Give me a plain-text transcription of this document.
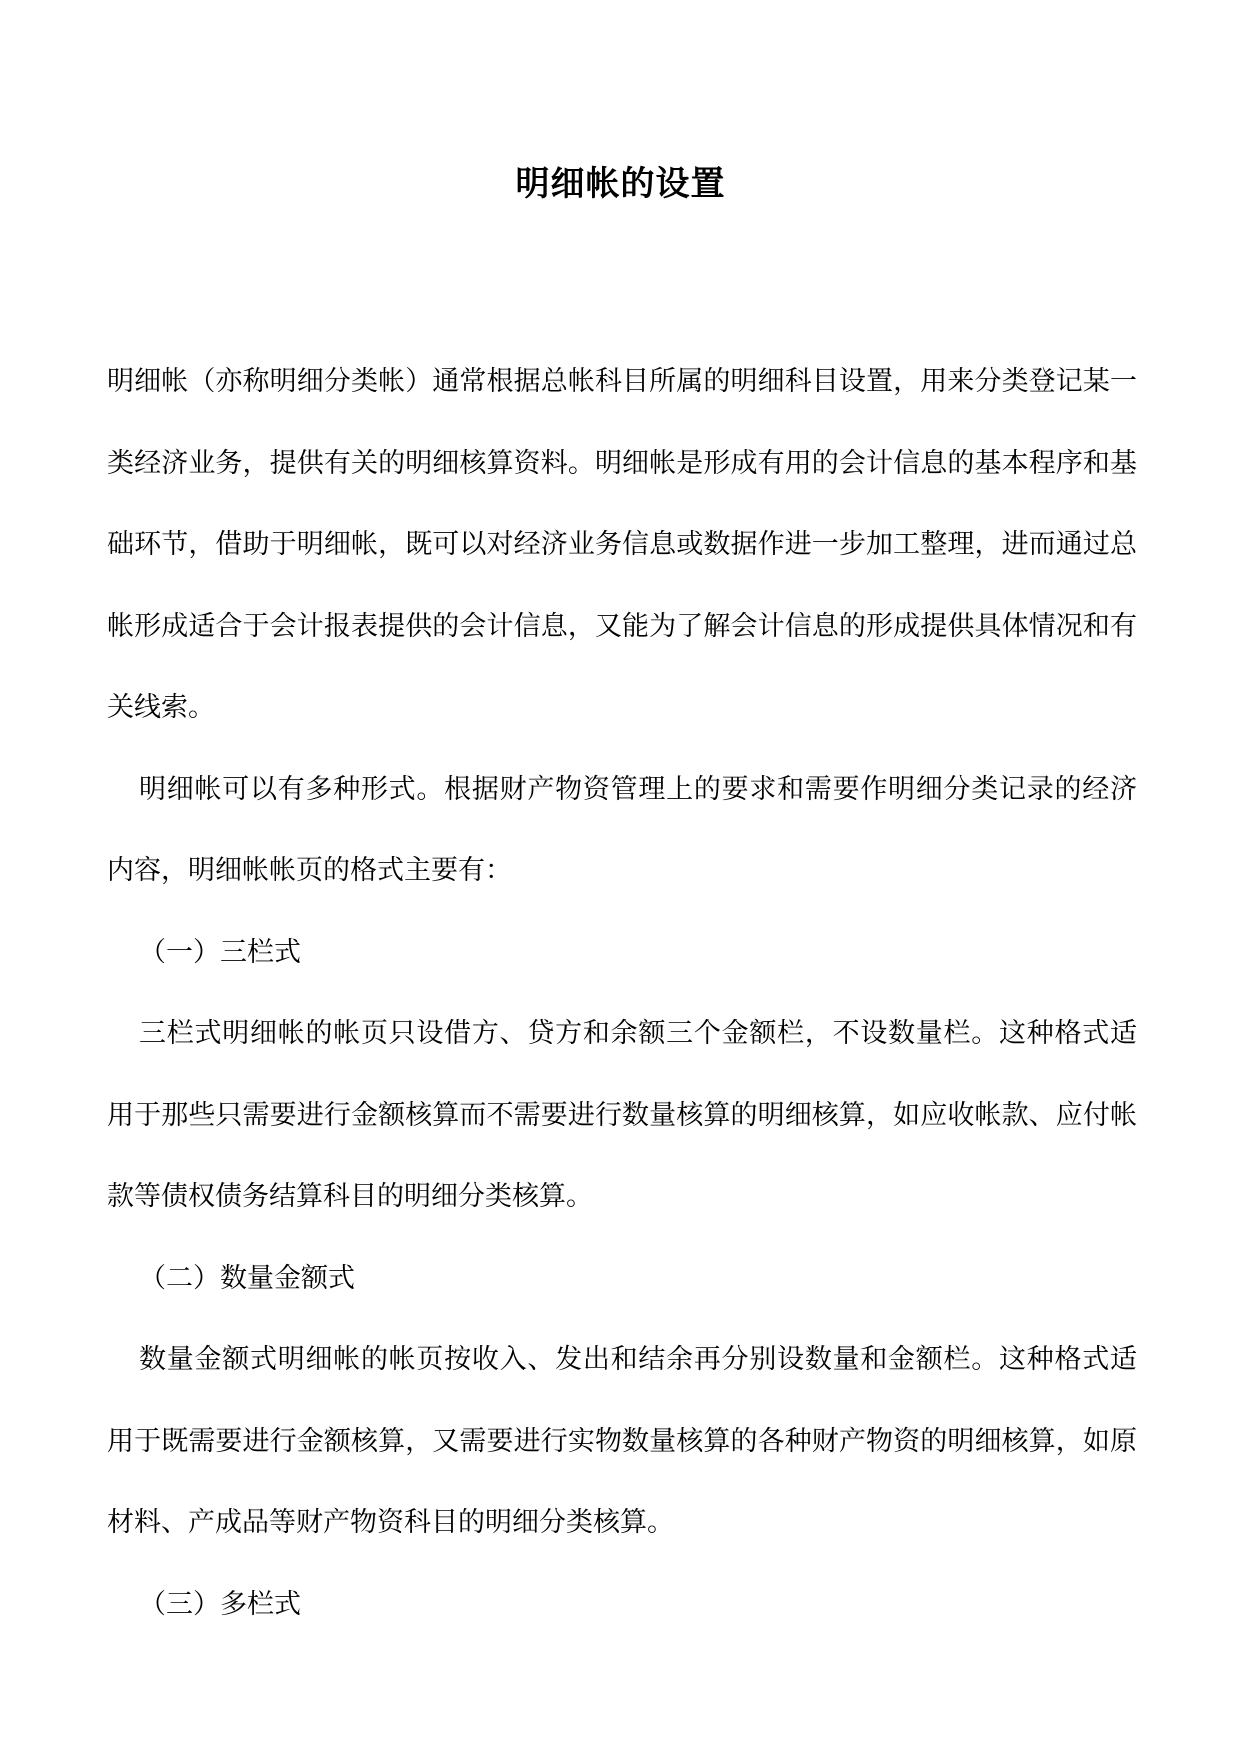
明细帐的设置

明细帐（亦称明细分类帐）通常根据总帐科目所属的明细科目设置，用来分类登记某一类经济业务，提供有关的明细核算资料。明细帐是形成有用的会计信息的基本程序和基础环节，借助于明细帐，既可以对经济业务信息或数据作进一步加工整理，进而通过总帐形成适合于会计报表提供的会计信息，又能为了解会计信息的形成提供具体情况和有关线索。

明细帐可以有多种形式。根据财产物资管理上的要求和需要作明细分类记录的经济内容，明细帐帐页的格式主要有：

（一）三栏式

三栏式明细帐的帐页只设借方、贷方和余额三个金额栏，不设数量栏。这种格式适用于那些只需要进行金额核算而不需要进行数量核算的明细核算，如应收帐款、应付帐款等债权债务结算科目的明细分类核算。

（二）数量金额式

数量金额式明细帐的帐页按收入、发出和结余再分别设数量和金额栏。这种格式适用于既需要进行金额核算，又需要进行实物数量核算的各种财产物资的明细核算，如原材料、产成品等财产物资科目的明细分类核算。

（三）多栏式
